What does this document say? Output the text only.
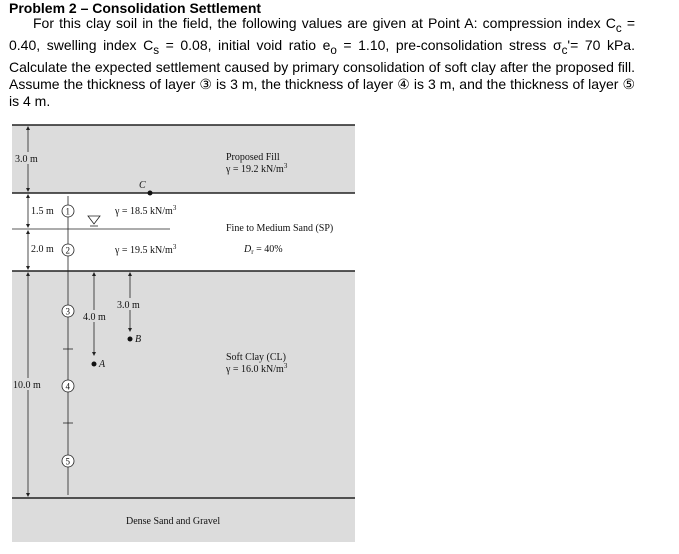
Problem 2 – Consolidation Settlement
For this clay soil in the field, the following values are given at Point A: compression index $C_c = 0.40$, swelling index $C_s = 0.08$, initial void ratio $e_o = 1.10$, pre-consolidation stress $\sigma_c'= 70$ kPa. Calculate the expected settlement caused by primary consolidation of soft clay after the proposed fill. Assume the thickness of layer ③ is 3 m, the thickness of layer ④ is 3 m, and the thickness of layer ⑤ is 4 m.
3.0 m
1.5 m
2.0 m
10.0 m
1
2
3
4
5
4.0 m
A
3.0 m
B
C
γ = 18.5 $kN/m^3$
γ = 19.5 $kN/m^3$
Proposed Fill
γ = 19.2 $kN/m^3$
Fine to Medium Sand (SP)
$D_r = 40\%$
Soft Clay (CL)
γ = 16.0 $kN/m^3$
Dense Sand and Gravel
